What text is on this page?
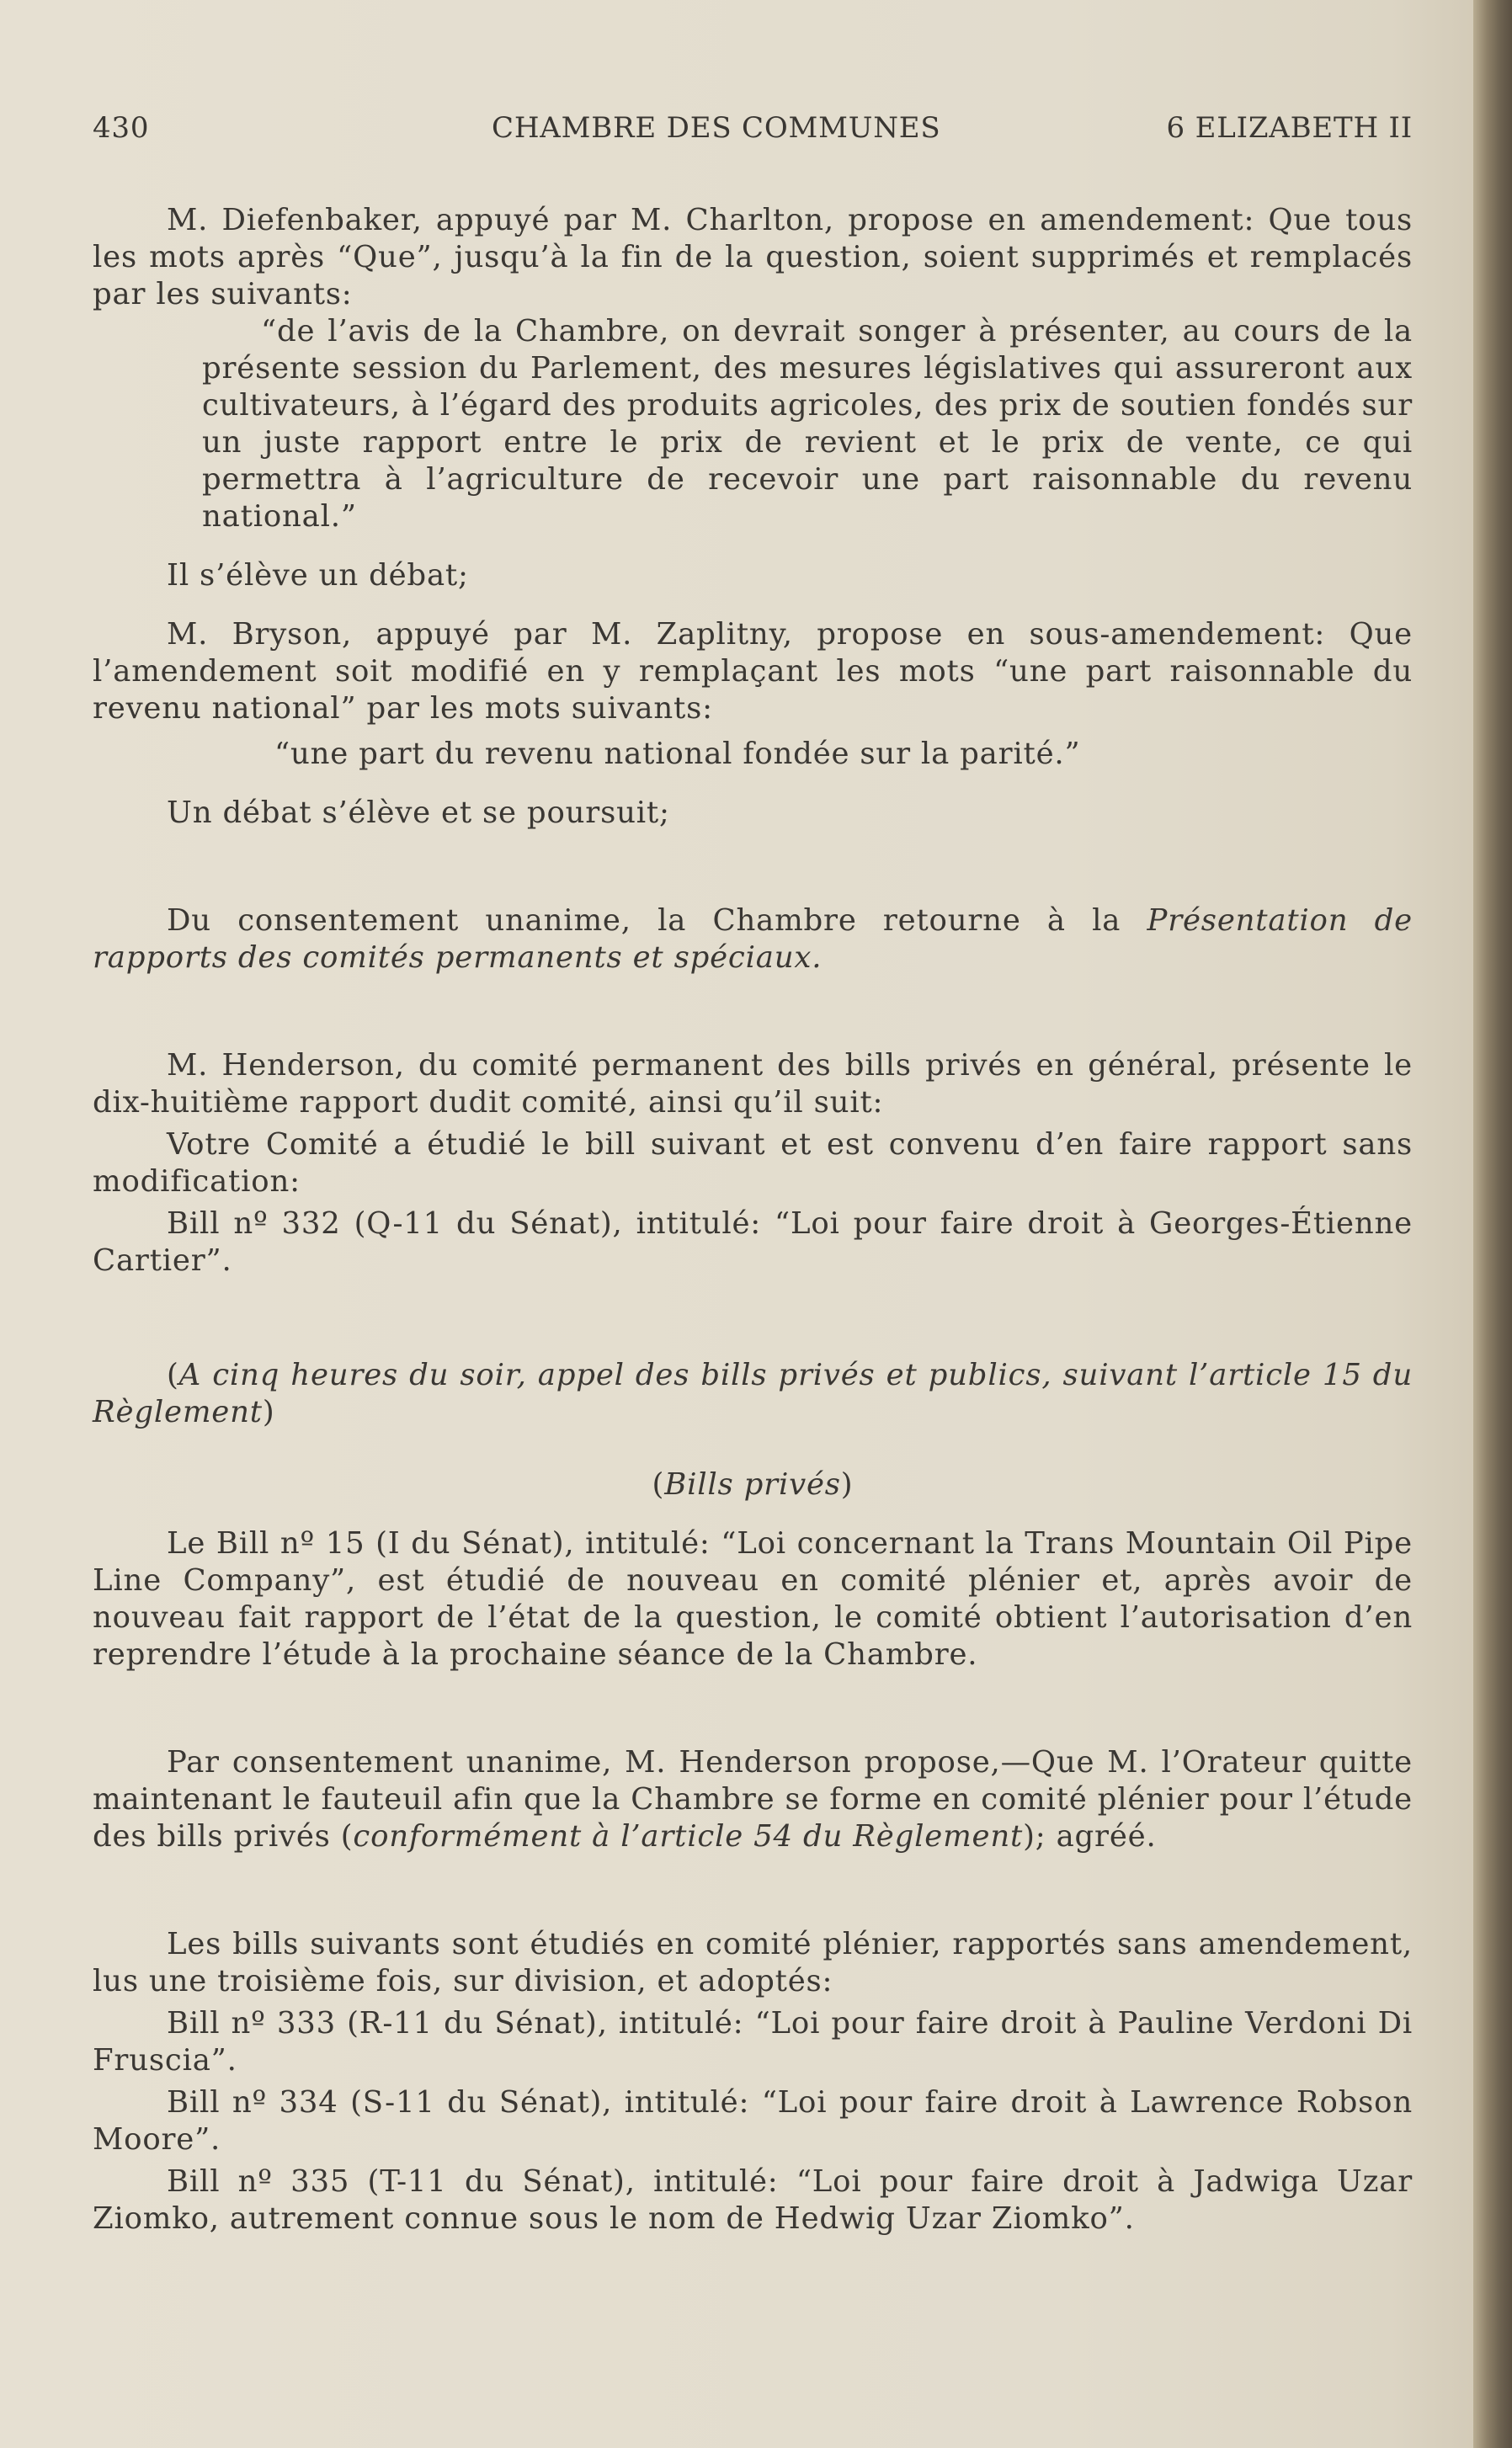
430	CHAMBRE DES COMMUNES	6 ELIZABETH II

M. Diefenbaker, appuyé par M. Charlton, propose en amendement: Que tous les mots après “Que”, jusqu’à la fin de la question, soient supprimés et remplacés par les suivants:

“de l’avis de la Chambre, on devrait songer à présenter, au cours de la présente session du Parlement, des mesures législatives qui assureront aux cultivateurs, à l’égard des produits agricoles, des prix de soutien fondés sur un juste rapport entre le prix de revient et le prix de vente, ce qui permettra à l’agriculture de recevoir une part raisonnable du revenu national.”

Il s’élève un débat;

M. Bryson, appuyé par M. Zaplitny, propose en sous-amendement: Que l’amendement soit modifié en y remplaçant les mots “une part raisonnable du revenu national” par les mots suivants:

“une part du revenu national fondée sur la parité.”

Un débat s’élève et se poursuit;

Du consentement unanime, la Chambre retourne à la Présentation de rapports des comités permanents et spéciaux.

M. Henderson, du comité permanent des bills privés en général, présente le dix-huitième rapport dudit comité, ainsi qu’il suit:

Votre Comité a étudié le bill suivant et est convenu d’en faire rapport sans modification:

Bill nº 332 (Q-11 du Sénat), intitulé: “Loi pour faire droit à Georges-Étienne Cartier”.

(A cinq heures du soir, appel des bills privés et publics, suivant l’article 15 du Règlement)

(Bills privés)

Le Bill nº 15 (I du Sénat), intitulé: “Loi concernant la Trans Mountain Oil Pipe Line Company”, est étudié de nouveau en comité plénier et, après avoir de nouveau fait rapport de l’état de la question, le comité obtient l’autorisation d’en reprendre l’étude à la prochaine séance de la Chambre.

Par consentement unanime, M. Henderson propose,—Que M. l’Orateur quitte maintenant le fauteuil afin que la Chambre se forme en comité plénier pour l’étude des bills privés (conformément à l’article 54 du Règlement); agréé.

Les bills suivants sont étudiés en comité plénier, rapportés sans amendement, lus une troisième fois, sur division, et adoptés:

Bill nº 333 (R-11 du Sénat), intitulé: “Loi pour faire droit à Pauline Verdoni Di Fruscia”.

Bill nº 334 (S-11 du Sénat), intitulé: “Loi pour faire droit à Lawrence Robson Moore”.

Bill nº 335 (T-11 du Sénat), intitulé: “Loi pour faire droit à Jadwiga Uzar Ziomko, autrement connue sous le nom de Hedwig Uzar Ziomko”.
